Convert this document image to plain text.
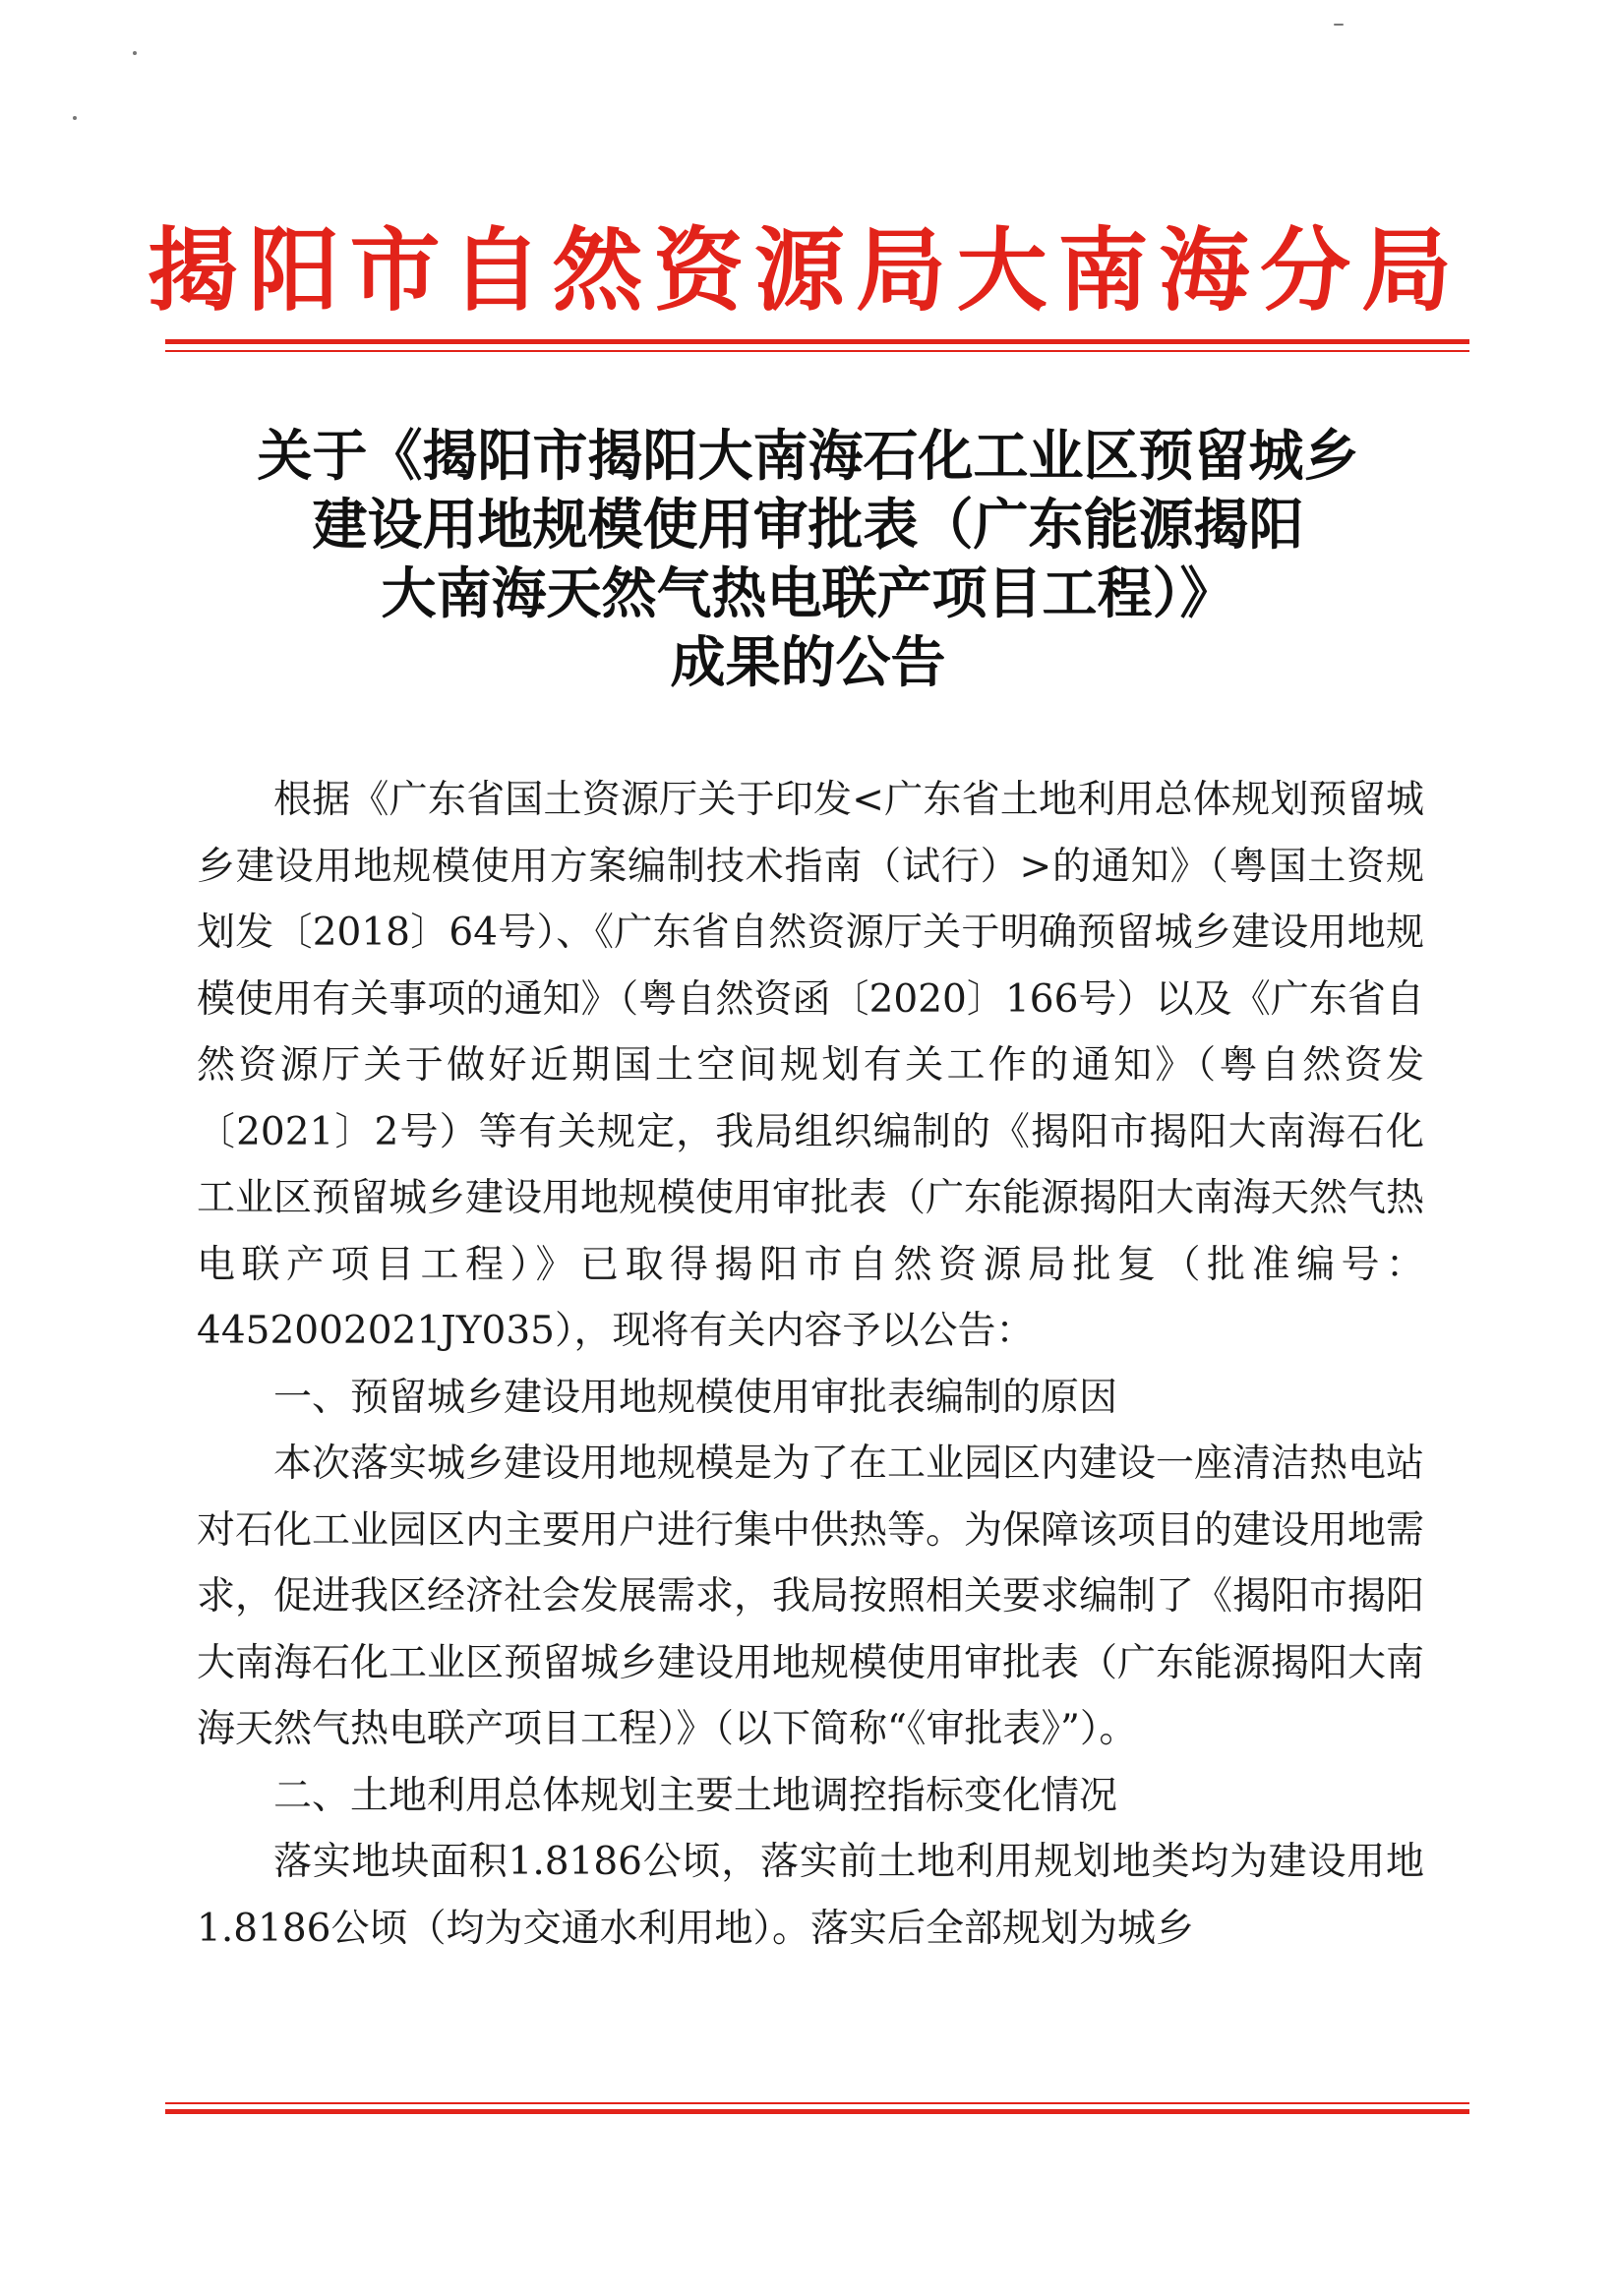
揭阳市自然资源局大南海分局
关于《揭阳市揭阳大南海石化工业区预留城乡
建设用地规模使用审批表（广东能源揭阳
大南海天然气热电联产项目工程）》
成果的公告

根据《广东省国土资源厅关于印发<广东省土地利用总体规划预留城乡建设用地规模使用方案编制技术指南（试行）>的通知》（粤国土资规划发〔2018〕64号）、《广东省自然资源厅关于明确预留城乡建设用地规模使用有关事项的通知》（粤自然资函〔2020〕166号）以及《广东省自然资源厅关于做好近期国土空间规划有关工作的通知》（粤自然资发〔2021〕2号）等有关规定，我局组织编制的《揭阳市揭阳大南海石化工业区预留城乡建设用地规模使用审批表（广东能源揭阳大南海天然气热电联产项目工程）》已取得揭阳市自然资源局批复（批准编号：4452002021JY035），现将有关内容予以公告：

一、预留城乡建设用地规模使用审批表编制的原因

本次落实城乡建设用地规模是为了在工业园区内建设一座清洁热电站对石化工业园区内主要用户进行集中供热等。为保障该项目的建设用地需求，促进我区经济社会发展需求，我局按照相关要求编制了《揭阳市揭阳大南海石化工业区预留城乡建设用地规模使用审批表（广东能源揭阳大南海天然气热电联产项目工程）》（以下简称“《审批表》”）。

二、土地利用总体规划主要土地调控指标变化情况

落实地块面积1.8186公顷，落实前土地利用规划地类均为建设用地1.8186公顷（均为交通水利用地）。落实后全部规划为城乡
